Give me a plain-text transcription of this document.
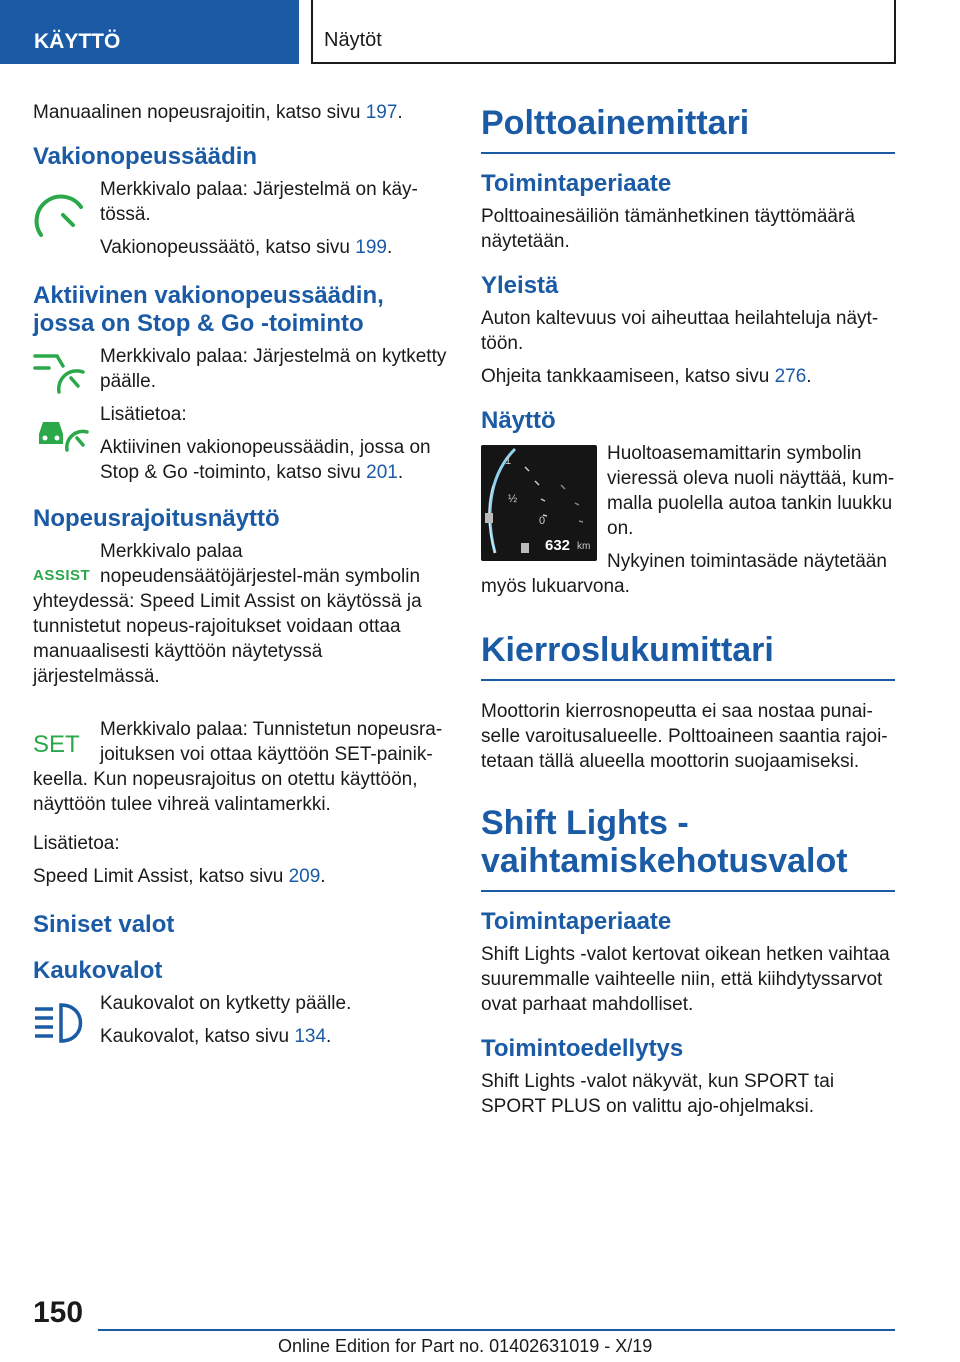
KÄYTTÖ	Näytöt

Manuaalinen nopeusrajoitin, katso sivu 197.

Vakionopeussäädin

Merkkivalo palaa: Järjestelmä on käy-tössä.

Vakionopeussäätö, katso sivu 199.

Aktiivinen vakionopeussäädin, jossa on Stop & Go -toiminto

Merkkivalo palaa: Järjestelmä on kytketty päälle.

Lisätietoa:

Aktiivinen vakionopeussäädin, jossa on Stop & Go -toiminto, katso sivu 201.

Nopeusrajoitusnäyttö
ASSIST

Merkkivalo palaa nopeudensäätöjärjestel-män symbolin yhteydessä: Speed Limit Assist on käytössä ja tunnistetut nopeus-rajoitukset voidaan ottaa manuaalisesti käyttöön näytetyssä järjestelmässä.

SET

Merkkivalo palaa: Tunnistetun nopeusra-joituksen voi ottaa käyttöön SET-painik-keella. Kun nopeusrajoitus on otettu käyttöön, näyttöön tulee vihreä valintamerkki.

Lisätietoa:

Speed Limit Assist, katso sivu 209.

Siniset valot
Kaukovalot

Kaukovalot on kytketty päälle.

Kaukovalot, katso sivu 134.

Polttoainemittari
Toimintaperiaate

Polttoainesäiliön tämänhetkinen täyttömäärä näytetään.

Yleistä

Auton kaltevuus voi aiheuttaa heilahteluja näyt-töön.

Ohjeita tankkaamiseen, katso sivu 276.

Näyttö
1
½
0
632 km

Huoltoasemamittarin symbolin vieressä oleva nuoli näyttää, kum-malla puolella autoa tankin luukku on.

Nykyinen toimintasäde näytetään myös lukuarvona.

Kierroslukumittari

Moottorin kierrosnopeutta ei saa nostaa punai-selle varoitusalueelle. Polttoaineen saantia rajoi-tetaan tällä alueella moottorin suojaamiseksi.

Shift Lights - vaihtamiskehotusvalot
Toimintaperiaate

Shift Lights -valot kertovat oikean hetken vaihtaa suuremmalle vaihteelle niin, että kiihdytyssarvot ovat parhaat mahdolliset.

Toimintoedellytys

Shift Lights -valot näkyvät, kun SPORT tai SPORT PLUS on valittu ajo-ohjelmaksi.

150
Online Edition for Part no. 01402631019 - X/19
